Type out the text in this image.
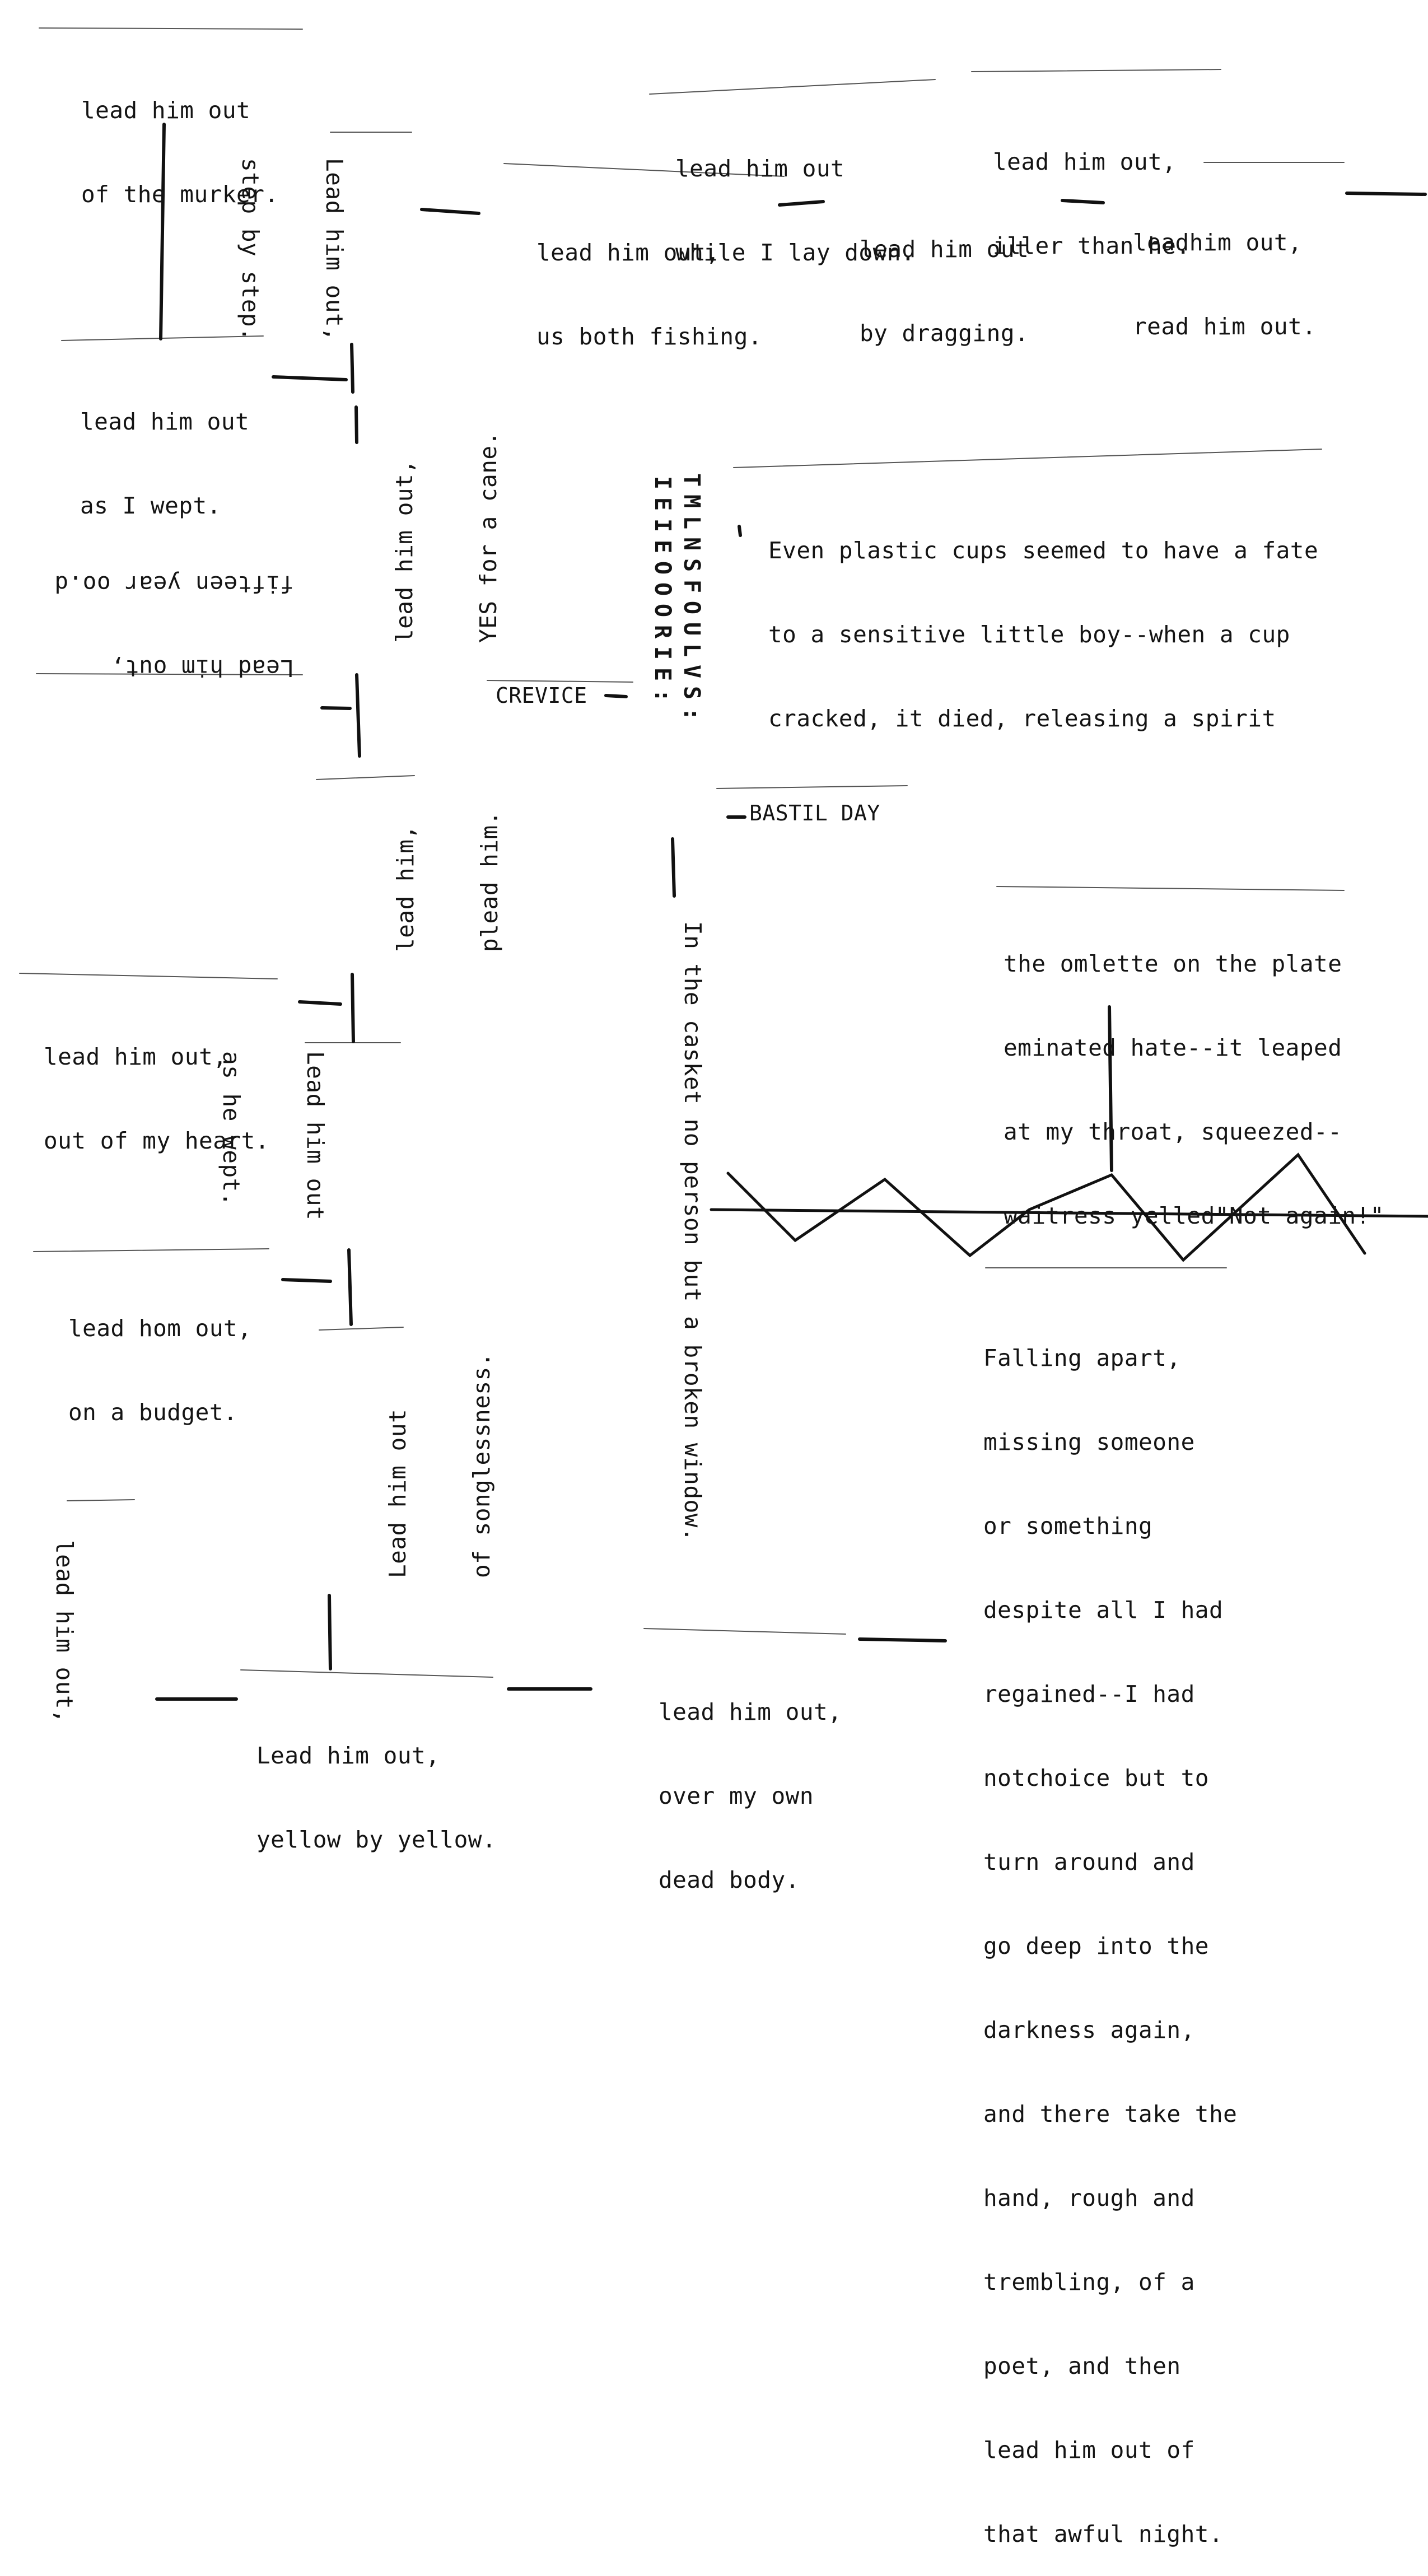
lead him out

of the murker.

lead him out

as I wept.

Lead him out,

step by step.

lead him out,

YES for a cane.

Lead him out,

fifteen year oo.d

lead him,

plead him.

lead him out,

out of my heart.

Lead him out

as he wept.

lead hom out,

on a budget.

	Lead him out

of songlessness.

lead him out,

Lead him out,

yellow by yellow.

lead him out

while I lay down.

lead him out,

iller than he.

lead him out,

us both fishing.

lead him out

by dragging.

leadhim out,

read him out.

T
M
L
N
S
F
O
U
L
V
S
:
I
E
I
E
O
O
O
R
I
E
:

Even plastic cups seemed to have a fate

to a sensitive little boy--when a cup

cracked, it died, releasing a spirit

CREVICE
BASTIL DAY

the omlette on the plate

eminated hate--it leaped

at my throat, squeezed--

waitress yelled"Not again!"

In the casket no person but a broken window.

	Falling apart,

missing someone

or something

despite all I had

regained--I had

notchoice but to

turn around and

go deep into the

darkness again,

and there take the

hand, rough and

trembling, of a

poet, and then

lead him out of

that awful night.

lead him out,

over my own

dead body.
